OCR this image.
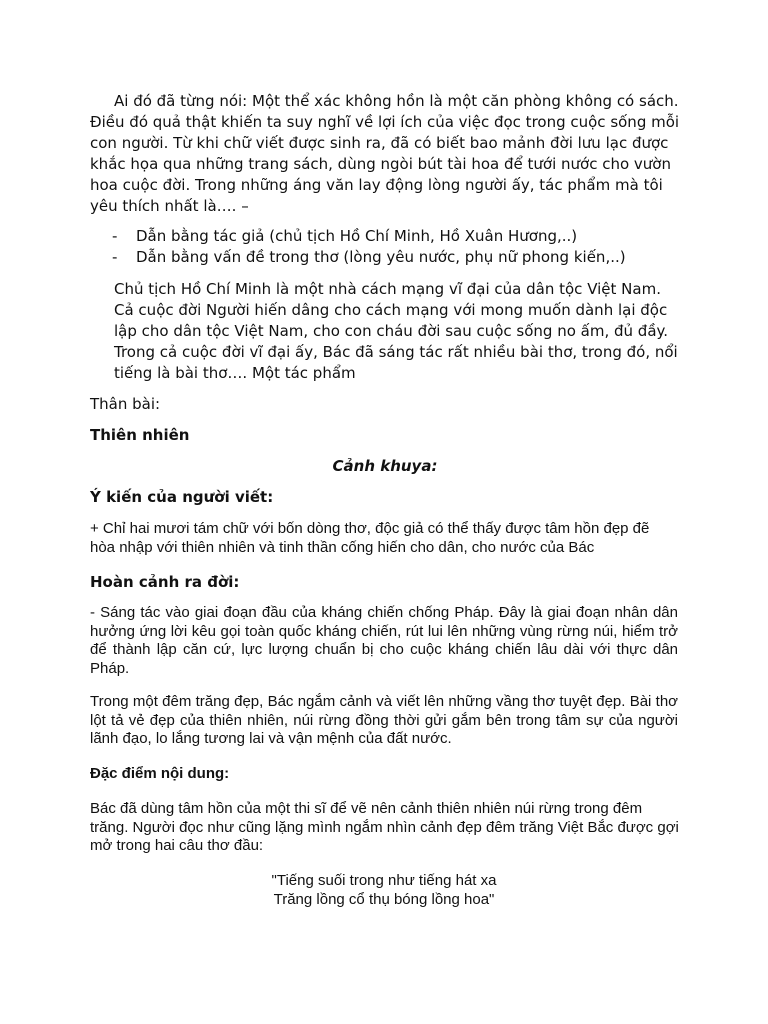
Ai đó đã từng nói: Một thể xác không hồn là một căn phòng không có sách. Điều đó quả thật khiến ta suy nghĩ về lợi ích của việc đọc trong cuộc sống mỗi con người. Từ khi chữ viết được sinh ra, đã có biết bao mảnh đời lưu lạc được khắc họa qua những trang sách, dùng ngòi bút tài hoa để tưới nước cho vườn hoa cuộc đời. Trong những áng văn lay động lòng người ấy, tác phẩm mà tôi yêu thích nhất là…. –

- Dẫn bằng tác giả (chủ tịch Hồ Chí Minh, Hồ Xuân Hương,..)
- Dẫn bằng vấn đề trong thơ (lòng yêu nước, phụ nữ phong kiến,..)

Chủ tịch Hồ Chí Minh là một nhà cách mạng vĩ đại của dân tộc Việt Nam. Cả cuộc đời Người hiến dâng cho cách mạng với mong muốn dành lại độc lập cho dân tộc Việt Nam, cho con cháu đời sau cuộc sống no ấm, đủ đầy. Trong cả cuộc đời vĩ đại ấy, Bác đã sáng tác rất nhiều bài thơ, trong đó, nổi tiếng là bài thơ…. Một tác phẩm

Thân bài:

Thiên nhiên

Cảnh khuya:

Ý kiến của người viết:

+ Chỉ hai mươi tám chữ với bốn dòng thơ, độc giả có thể thấy được tâm hồn đẹp đẽ hòa nhập với thiên nhiên và tinh thần cống hiến cho dân, cho nước của Bác

Hoàn cảnh ra đời:

- Sáng tác vào giai đoạn đầu của kháng chiến chống Pháp. Đây là giai đoạn nhân dân hưởng ứng lời kêu gọi toàn quốc kháng chiến, rút lui lên những vùng rừng núi, hiểm trở để thành lập căn cứ, lực lượng chuẩn bị cho cuộc kháng chiến lâu dài với thực dân Pháp.

Trong một đêm trăng đẹp, Bác ngắm cảnh và viết lên những vầng thơ tuyệt đẹp. Bài thơ lột tả vẻ đẹp của thiên nhiên, núi rừng đồng thời gửi gắm bên trong tâm sự của người lãnh đạo, lo lắng tương lai và vận mệnh của đất nước.

Đặc điểm nội dung:

Bác đã dùng tâm hồn của một thi sĩ để vẽ nên cảnh thiên nhiên núi rừng trong đêm trăng. Người đọc như cũng lặng mình ngắm nhìn cảnh đẹp đêm trăng Việt Bắc được gợi mở trong hai câu thơ đầu:

"Tiếng suối trong như tiếng hát xa
Trăng lồng cổ thụ bóng lồng hoa"
